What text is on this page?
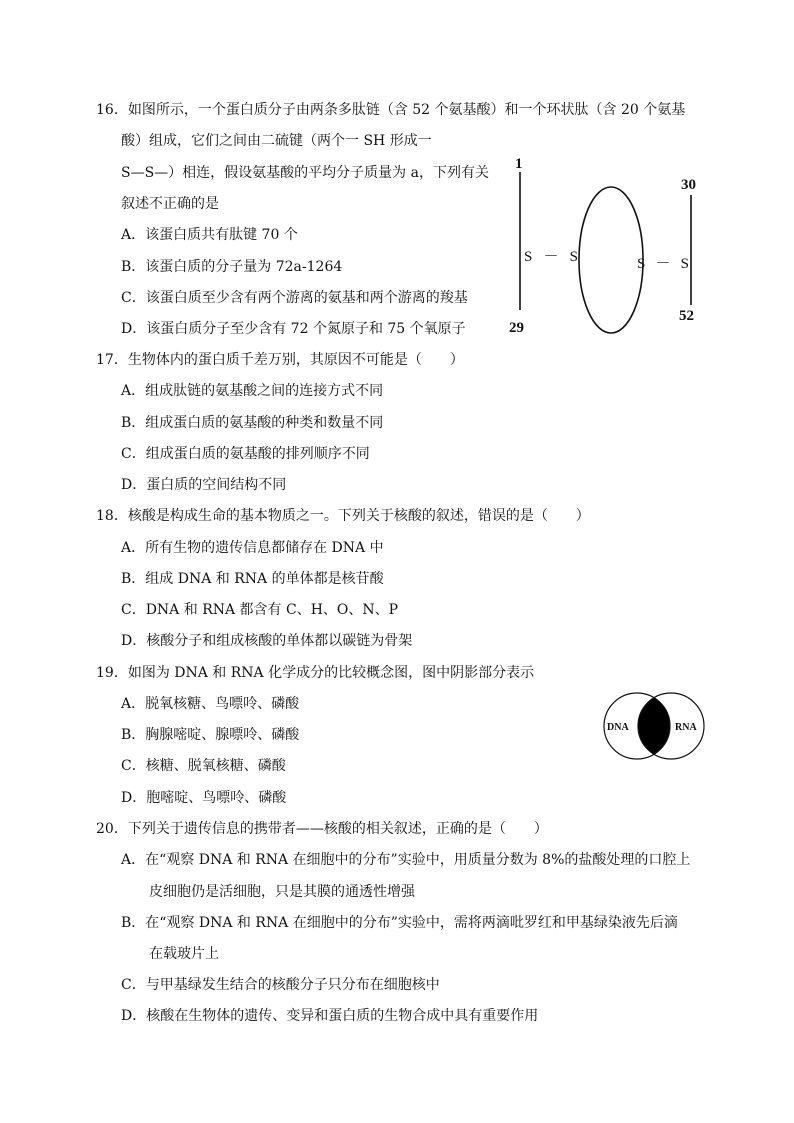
16．如图所示，一个蛋白质分子由两条多肽链（含 52 个氨基酸）和一个环状肽（含 20 个氨基
酸）组成，它们之间由二硫键（两个一 SH 形成一
S—S—）相连，假设氨基酸的平均分子质量为 a，下列有关
叙述不正确的是
A．该蛋白质共有肽键 70 个
B．该蛋白质的分子量为 72a-1264
C．该蛋白质至少含有两个游离的氨基和两个游离的羧基
D．该蛋白质分子至少含有 72 个氮原子和 75 个氧原子
1
29
30
52
S－S	S－S
17．生物体内的蛋白质千差万别，其原因不可能是（　　）
A．组成肽链的氨基酸之间的连接方式不同
B．组成蛋白质的氨基酸的种类和数量不同
C．组成蛋白质的氨基酸的排列顺序不同
D．蛋白质的空间结构不同
18．核酸是构成生命的基本物质之一。下列关于核酸的叙述，错误的是（　　）
A．所有生物的遗传信息都储存在 DNA 中
B．组成 DNA 和 RNA 的单体都是核苷酸
C．DNA 和 RNA 都含有 C、H、O、N、P
D．核酸分子和组成核酸的单体都以碳链为骨架
19．如图为 DNA 和 RNA 化学成分的比较概念图，图中阴影部分表示
A．脱氧核糖、鸟嘌呤、磷酸
B．胸腺嘧啶、腺嘌呤、磷酸
C．核糖、脱氧核糖、磷酸
D．胞嘧啶、鸟嘌呤、磷酸
DNA	RNA
20．下列关于遗传信息的携带者——核酸的相关叙述，正确的是（　　）
A．在“观察 DNA 和 RNA 在细胞中的分布”实验中，用质量分数为 8%的盐酸处理的口腔上
皮细胞仍是活细胞，只是其膜的通透性增强
B．在“观察 DNA 和 RNA 在细胞中的分布”实验中，需将两滴吡罗红和甲基绿染液先后滴
在载玻片上
C．与甲基绿发生结合的核酸分子只分布在细胞核中
D．核酸在生物体的遗传、变异和蛋白质的生物合成中具有重要作用
